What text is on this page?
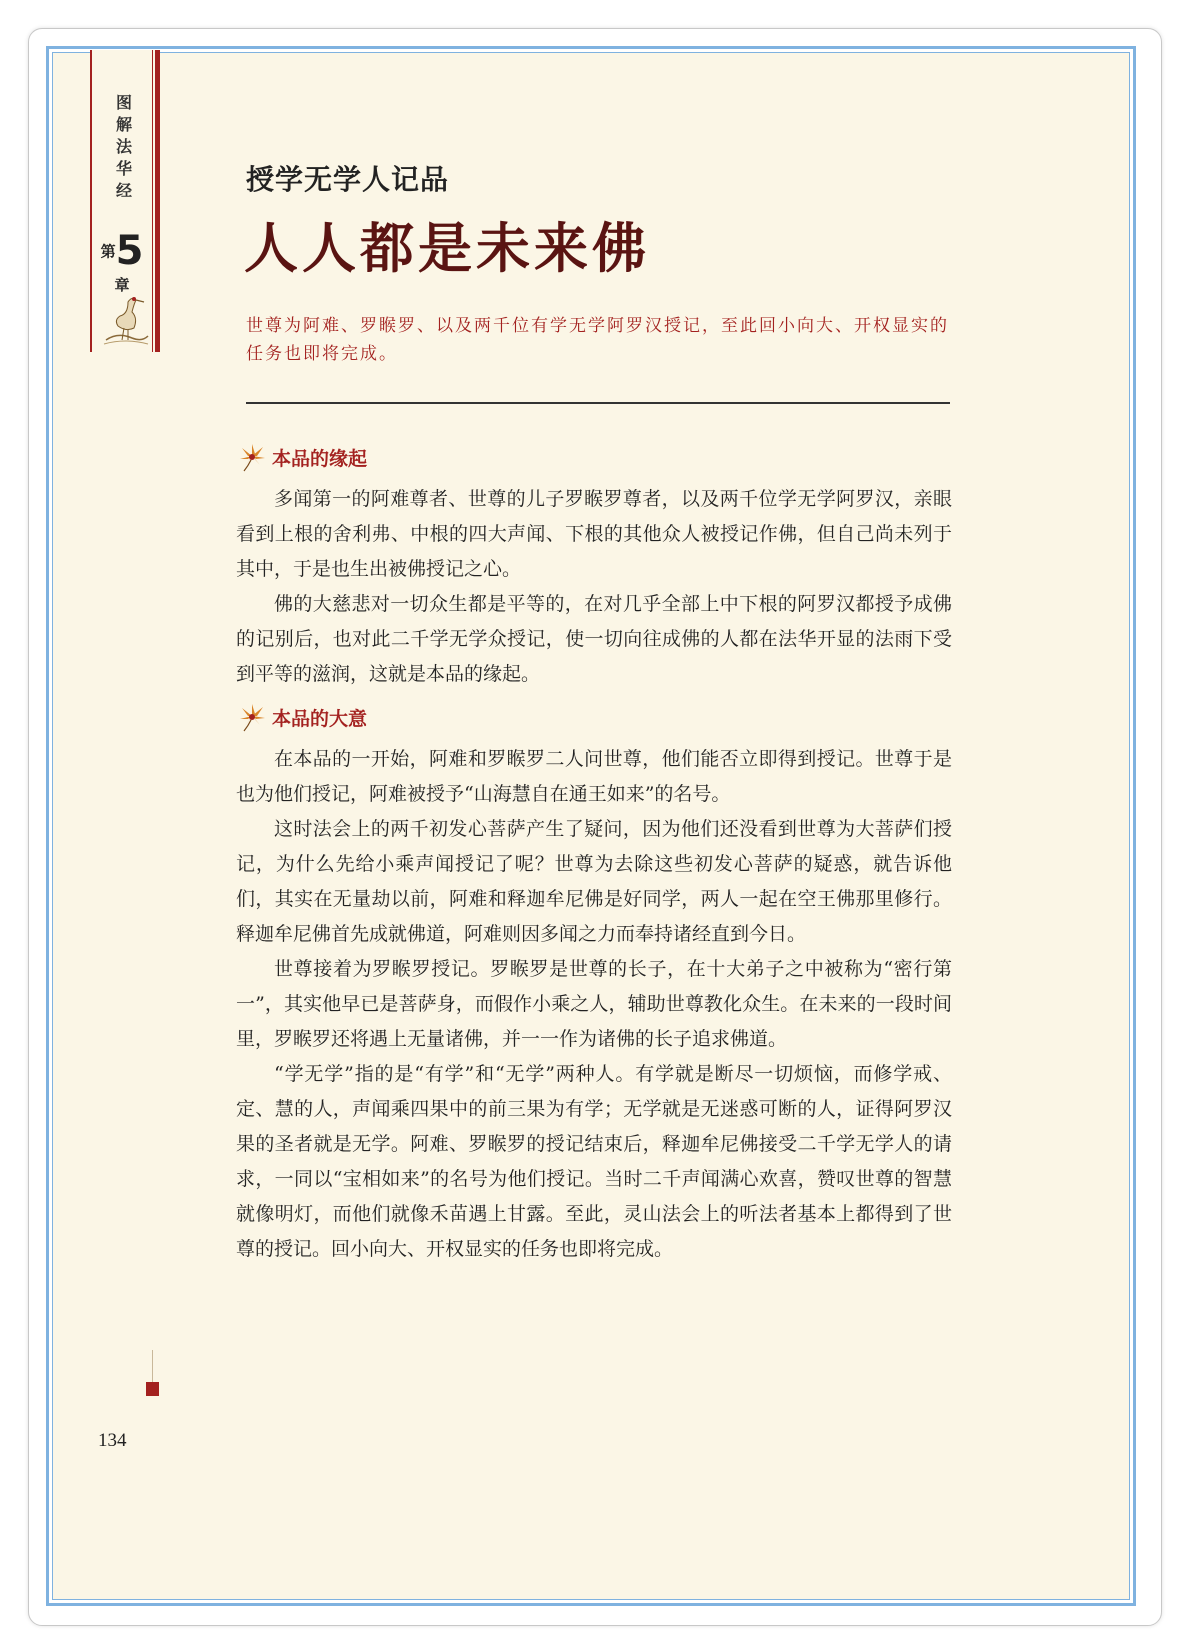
图解法华经
第5章
授学无学人记品
人人都是未来佛
世尊为阿难、罗睺罗、以及两千位有学无学阿罗汉授记，至此回小向大、开权显实的任务也即将完成。
本品的缘起

多闻第一的阿难尊者、世尊的儿子罗睺罗尊者，以及两千位学无学阿罗汉，亲眼看到上根的舍利弗、中根的四大声闻、下根的其他众人被授记作佛，但自己尚未列于其中，于是也生出被佛授记之心。

佛的大慈悲对一切众生都是平等的，在对几乎全部上中下根的阿罗汉都授予成佛的记别后，也对此二千学无学众授记，使一切向往成佛的人都在法华开显的法雨下受到平等的滋润，这就是本品的缘起。

本品的大意

在本品的一开始，阿难和罗睺罗二人问世尊，他们能否立即得到授记。世尊于是也为他们授记，阿难被授予“山海慧自在通王如来”的名号。

这时法会上的两千初发心菩萨产生了疑问，因为他们还没看到世尊为大菩萨们授记，为什么先给小乘声闻授记了呢？世尊为去除这些初发心菩萨的疑惑，就告诉他们，其实在无量劫以前，阿难和释迦牟尼佛是好同学，两人一起在空王佛那里修行。释迦牟尼佛首先成就佛道，阿难则因多闻之力而奉持诸经直到今日。

世尊接着为罗睺罗授记。罗睺罗是世尊的长子，在十大弟子之中被称为“密行第一”，其实他早已是菩萨身，而假作小乘之人，辅助世尊教化众生。在未来的一段时间里，罗睺罗还将遇上无量诸佛，并一一作为诸佛的长子追求佛道。

“学无学”指的是“有学”和“无学”两种人。有学就是断尽一切烦恼，而修学戒、定、慧的人，声闻乘四果中的前三果为有学；无学就是无迷惑可断的人，证得阿罗汉果的圣者就是无学。阿难、罗睺罗的授记结束后，释迦牟尼佛接受二千学无学人的请求，一同以“宝相如来”的名号为他们授记。当时二千声闻满心欢喜，赞叹世尊的智慧就像明灯，而他们就像禾苗遇上甘露。至此，灵山法会上的听法者基本上都得到了世尊的授记。回小向大、开权显实的任务也即将完成。

134
